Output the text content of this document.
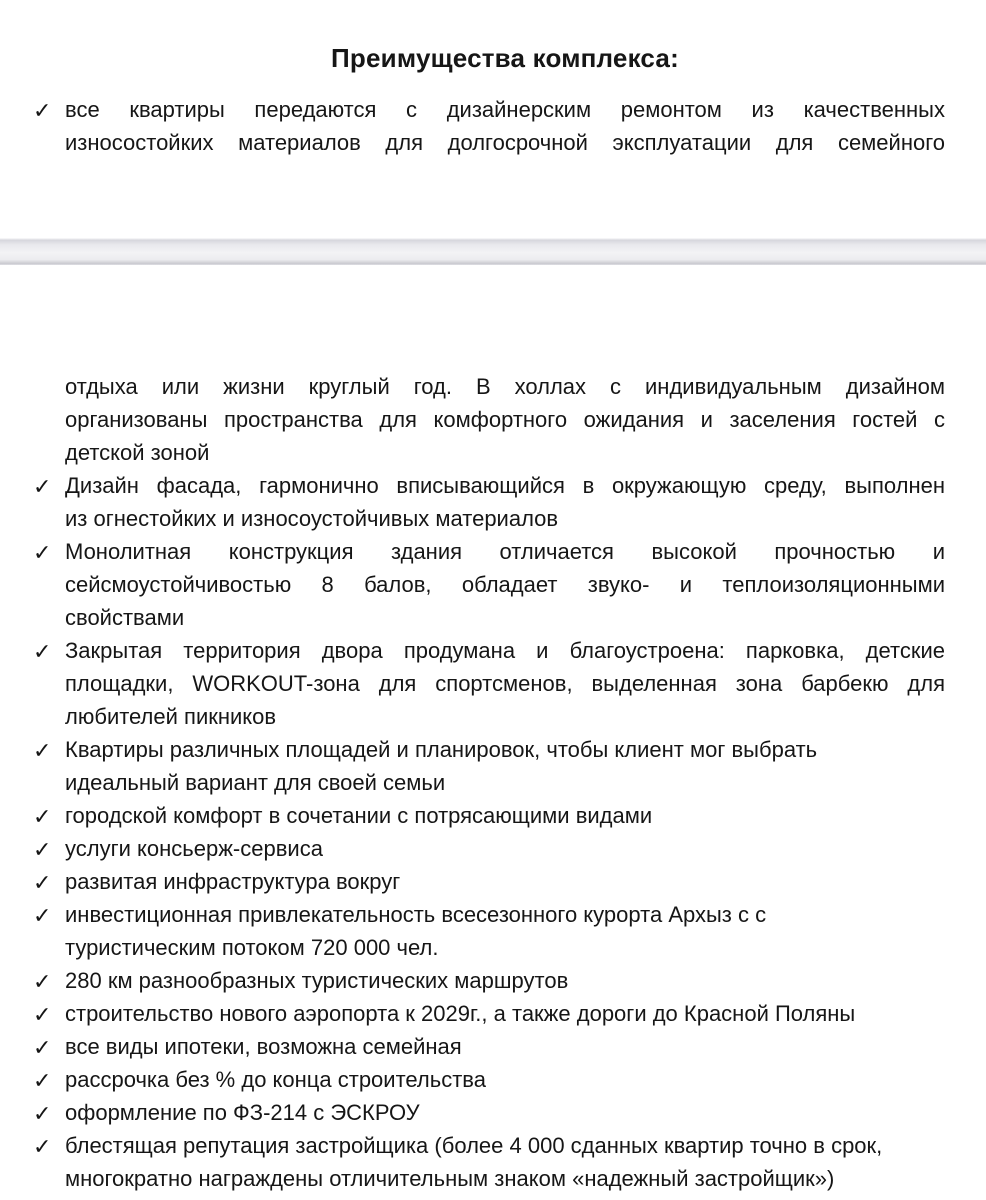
Преимущества комплекса:
✓ все квартиры передаются с дизайнерским ремонтом из качественных
износостойких материалов для долгосрочной эксплуатации для семейного
отдыха или жизни круглый год. В холлах с индивидуальным дизайном
организованы пространства для комфортного ожидания и заселения гостей с
детской зоной
✓ Дизайн фасада, гармонично вписывающийся в окружающую среду, выполнен
из огнестойких и износоустойчивых материалов
✓ Монолитная конструкция здания отличается высокой прочностью и
сейсмоустойчивостью 8 балов, обладает звуко- и теплоизоляционными
свойствами
✓ Закрытая территория двора продумана и благоустроена: парковка, детские
площадки, WORKOUT-зона для спортсменов, выделенная зона барбекю для
любителей пикников
✓ Квартиры различных площадей и планировок, чтобы клиент мог выбрать
идеальный вариант для своей семьи
✓ городской комфорт в сочетании с потрясающими видами
✓ услуги консьерж-сервиса
✓ развитая инфраструктура вокруг
✓ инвестиционная привлекательность всесезонного курорта Архыз с с
туристическим потоком 720 000 чел.
✓ 280 км разнообразных туристических маршрутов
✓ строительство нового аэропорта к 2029г., а также дороги до Красной Поляны
✓ все виды ипотеки, возможна семейная
✓ рассрочка без % до конца строительства
✓ оформление по ФЗ-214 с ЭСКРОУ
✓ блестящая репутация застройщика (более 4 000 сданных квартир точно в срок,
многократно награждены отличительным знаком «надежный застройщик»)
